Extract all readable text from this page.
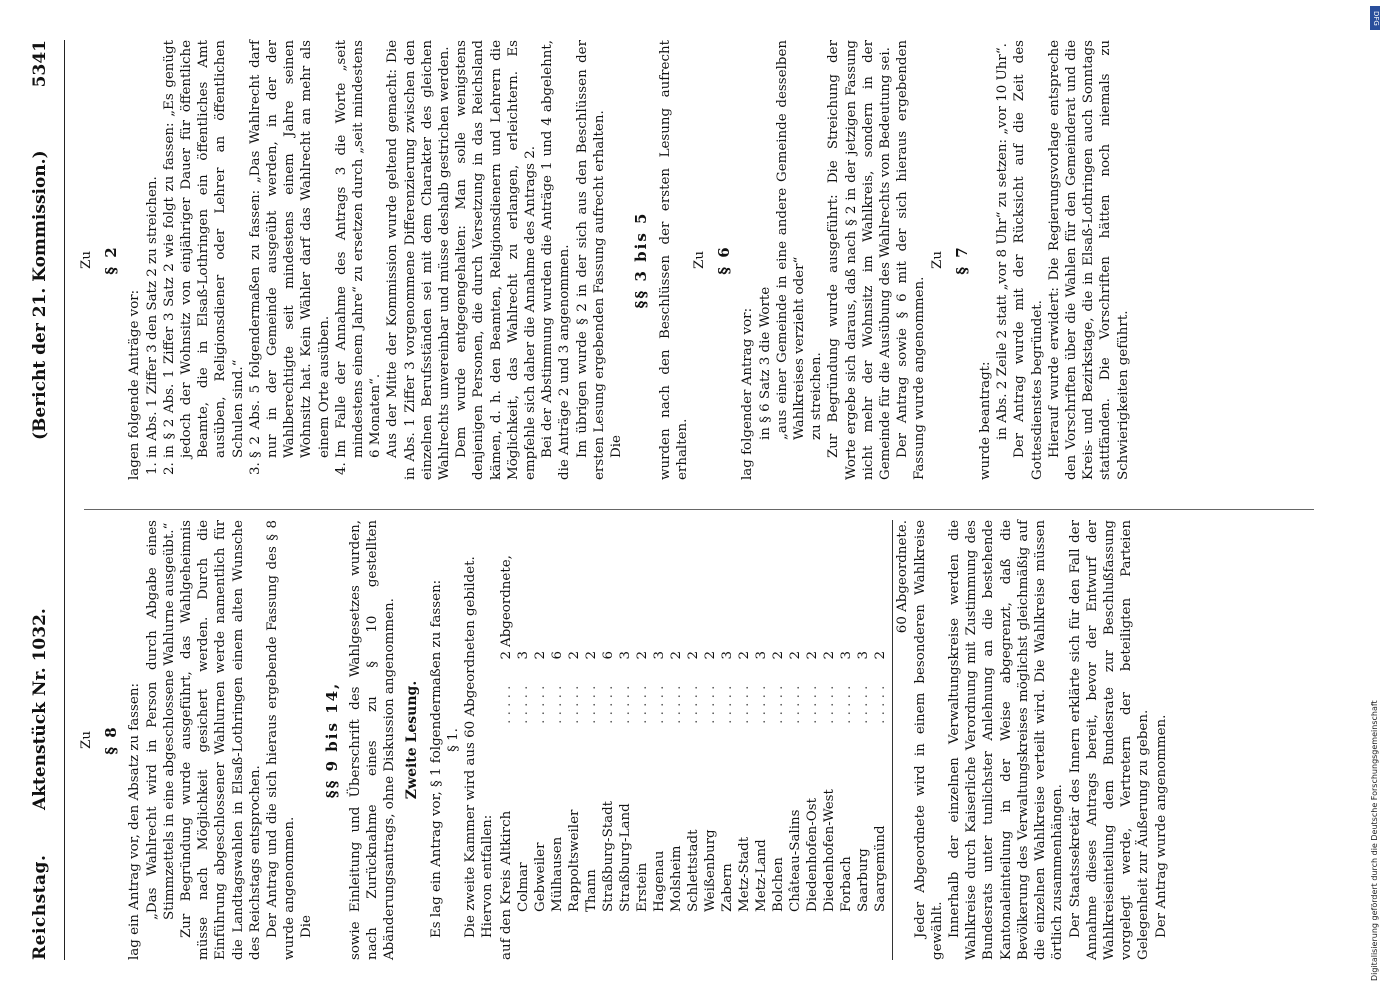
Reichstag.
Aktenstück Nr. 1032.
(Bericht der 21. Kommission.)
5341

Zu § 8 lag ein Antrag vor, den Absatz zu fassen: „Das Wahlrecht wird in Person durch Abgabe eines Stimmzettels in eine abgeschlossene Wahlurne ausgeübt.“ Zur Begründung wurde ausgeführt, das Wahlgeheimnis müsse nach Möglichkeit gesichert werden. Durch die Einführung abgeschlossener Wahlurnen werde namentlich für die Landtagswahlen in Elsaß-Lothringen einem alten Wunsche des Reichstags entsprochen. Der Antrag und die sich hieraus ergebende Fassung des § 8 wurde angenommen. Die

§§ 9 bis 14, sowie Einleitung und Überschrift des Wahlgesetzes wurden, nach Zurücknahme eines zu § 10 gestellten Abänderungsantrags, ohne Diskussion angenommen. Zweite Lesung. Es lag ein Antrag vor, § 1 folgendermaßen zu fassen: § 1. Die zweite Kammer wird aus 60 Abgeordneten gebildet. Hiervon entfallen: auf den Kreis Altkirch	. . . . .	2	Abgeordnete,
Colmar	. . . . .	3	
Gebweiler	. . . . .	2	
Mülhausen	. . . . .	6	
Rappoltsweiler	. . . . .	2	
Thann	. . . . .	2	
Straßburg-Stadt	. . . . .	6	
Straßburg-Land	. . . . .	3	
Erstein	. . . . .	2	
Hagenau	. . . . .	3	
Molsheim	. . . . .	2	
Schlettstadt	. . . . .	2	
Weißenburg	. . . . .	2	
Zabern	. . . . .	3	
Metz-Stadt	. . . . .	2	
Metz-Land	. . . . .	3	
Bolchen	. . . . .	2	
Château-Salins	. . . . .	2	
Diedenhofen-Ost	. . . . .	2	
Diedenhofen-West	. . . . .	2	
Forbach	. . . . .	3	
Saarburg	. . . . .	3	
Saargemünd	. . . . .	2	
60 Abgeordnete. Jeder Abgeordnete wird in einem besonderen Wahlkreise gewählt. Innerhalb der einzelnen Verwaltungskreise werden die Wahlkreise durch Kaiserliche Verordnung mit Zustimmung des Bundesrats unter tunlichster Anlehnung an die bestehende Kantonaleinteilung in der Weise abgegrenzt, daß die Bevölkerung des Verwaltungskreises möglichst gleichmäßig auf die einzelnen Wahlkreise verteilt wird. Die Wahlkreise müssen örtlich zusammenhängen. Der Staatssekretär des Innern erklärte sich für den Fall der Annahme dieses Antrags bereit, bevor der Entwurf der Wahlkreiseinteilung dem Bundesrate zur Beschlußfassung vorgelegt werde, Vertretern der beteiligten Parteien Gelegenheit zur Äußerung zu geben. Der Antrag wurde angenommen.

Zu § 2

lagen folgende Anträge vor: 1. in Abs. 1 Ziffer 3 den Satz 2 zu streichen. 2. in § 2 Abs. 1 Ziffer 3 Satz 2 wie folgt zu fassen: „Es genügt jedoch der Wohnsitz von einjähriger Dauer für öffentliche Beamte, die in Elsaß-Lothringen ein öffentliches Amt ausüben, Religionsdiener oder Lehrer an öffentlichen Schulen sind.“ 3. § 2 Abs. 5 folgendermaßen zu fassen: „Das Wahlrecht darf nur in der Gemeinde ausgeübt werden, in der der Wahlberechtigte seit mindestens einem Jahre seinen Wohnsitz hat. Kein Wähler darf das Wahlrecht an mehr als einem Orte ausüben. 4. Im Falle der Annahme des Antrags 3 die Worte „seit mindestens einem Jahre“ zu ersetzen durch „seit mindestens 6 Monaten“. Aus der Mitte der Kommission wurde geltend gemacht: Die in Abs. 1 Ziffer 3 vorgenommene Differenzierung zwischen den einzelnen Berufsständen sei mit dem Charakter des gleichen Wahlrechts unvereinbar und müsse deshalb gestrichen werden. Dem wurde entgegengehalten: Man solle wenigstens denjenigen Personen, die durch Versetzung in das Reichsland kämen, d. h. den Beamten, Religionsdienern und Lehrern die Möglichkeit, das Wahlrecht zu erlangen, erleichtern. Es empfehle sich daher die Annahme des Antrags 2. Bei der Abstimmung wurden die Anträge 1 und 4 abgelehnt, die Anträge 2 und 3 angenommen. Im übrigen wurde § 2 in der sich aus den Beschlüssen der ersten Lesung ergebenden Fassung aufrecht erhalten. Die

§§ 3 bis 5 wurden nach den Beschlüssen der ersten Lesung aufrecht erhalten.

Zu § 6

lag folgender Antrag vor: in § 6 Satz 3 die Worte „aus einer Gemeinde in eine andere Gemeinde desselben Wahlkreises verzieht oder“ zu streichen. Zur Begründung wurde ausgeführt: Die Streichung der Worte ergebe sich daraus, daß nach § 2 in der jetzigen Fassung nicht mehr der Wohnsitz im Wahlkreis, sondern in der Gemeinde für die Ausübung des Wahlrechts von Bedeutung sei. Der Antrag sowie § 6 mit der sich hieraus ergebenden Fassung wurde angenommen.

Zu § 7

wurde beantragt: in Abs. 2 Zeile 2 statt „vor 8 Uhr“ zu setzen: „vor 10 Uhr“. Der Antrag wurde mit der Rücksicht auf die Zeit des Gottesdienstes begründet. Hierauf wurde erwidert: Die Regierungsvorlage entspreche den Vorschriften über die Wahlen für den Gemeinderat und die Kreis- und Bezirkstage, die in Elsaß-Lothringen auch Sonntags stattfänden. Die Vorschriften hätten noch niemals zu Schwierigkeiten geführt.

DFG
Digitalisierung gefördert durch die Deutsche Forschungsgemeinschaft
